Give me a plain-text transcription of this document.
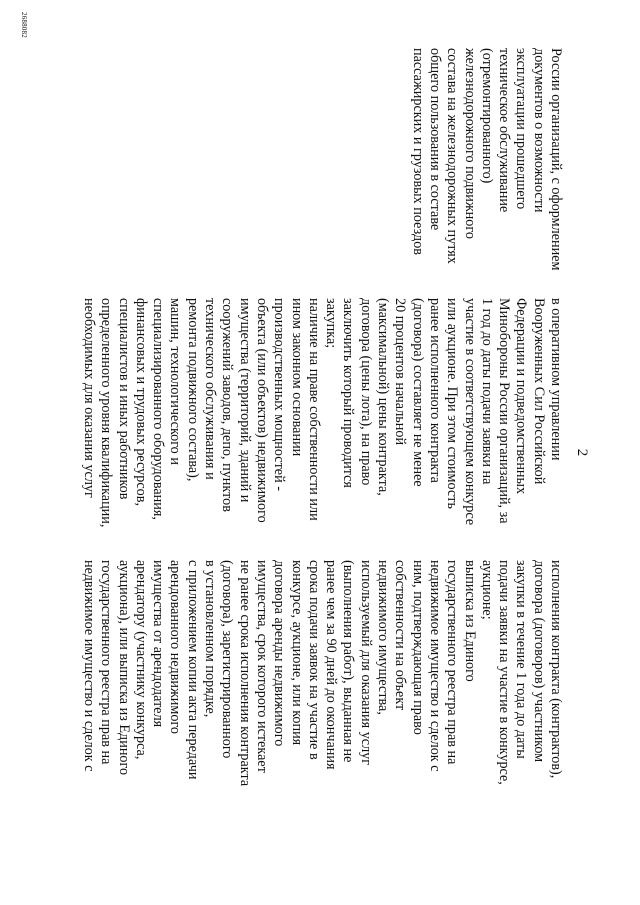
2

России организаций, с оформлением

документов о возможности

эксплуатации прошедшего

техническое обслуживание

(отремонтированного)

железнодорожного подвижного

состава на железнодорожных путях

общего пользования в составе

пассажирских и грузовых поездов

в оперативном управлении

Вооруженных Сил Российской

Федерации и подведомственных

Минобороны России организаций, за

1 год до даты подачи заявки на

участие в соответствующем конкурсе

или аукционе. При этом стоимость

ранее исполненного контракта

(договора) составляет не менее

20 процентов начальной

(максимальной) цены контракта,

договора (цены лота), на право

заключить который проводится

закупка;

наличие на праве собственности или

ином законном основании

производственных мощностей -

объекта (или объектов) недвижимого

имущества (территорий, зданий и

сооружений заводов, депо, пунктов

технического обслуживания и

ремонта подвижного состава),

машин, технологического и

специализированного оборудования,

финансовых и трудовых ресурсов,

специалистов и иных работников

определенного уровня квалификации,

необходимых для оказания услуг

исполнения контракта (контрактов),

договора (договоров) участником

закупки в течение 1 года до даты

подачи заявки на участие в конкурсе,

аукционе;

выписка из Единого

государственного реестра прав на

недвижимое имущество и сделок с

ним, подтверждающая право

собственности на объект

недвижимого имущества,

используемый для оказания услуг

(выполнения работ), выданная не

ранее чем за 90 дней до окончания

срока подачи заявок на участие в

конкурсе, аукционе, или копия

договора аренды недвижимого

имущества, срок которого истекает

не ранее срока исполнения контракта

(договора), зарегистрированного

в установленном порядке,

с приложением копии акта передачи

арендованного недвижимого

имущества от арендодателя

арендатору (участнику конкурса,

аукциона), или выписка из Единого

государственного реестра прав на

недвижимое имущество и сделок с

2688082
